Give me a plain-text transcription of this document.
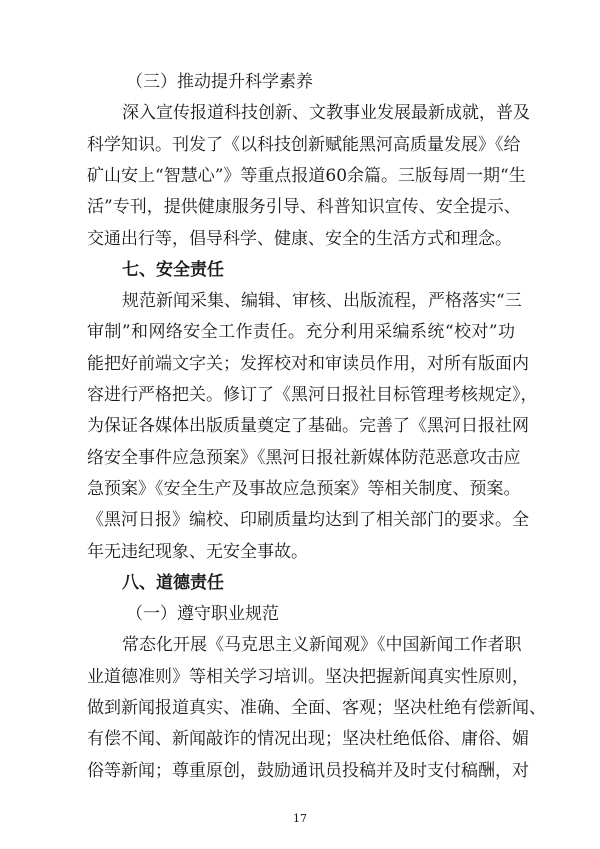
（三）推动提升科学素养
深入宣传报道科技创新、文教事业发展最新成就，普及
科学知识。刊发了《以科技创新赋能黑河高质量发展》《给
矿山安上“智慧心”》等重点报道60余篇。三版每周一期“生
活”专刊，提供健康服务引导、科普知识宣传、安全提示、
交通出行等，倡导科学、健康、安全的生活方式和理念。
七、安全责任
规范新闻采集、编辑、审核、出版流程，严格落实“三
审制”和网络安全工作责任。充分利用采编系统“校对”功
能把好前端文字关；发挥校对和审读员作用，对所有版面内
容进行严格把关。修订了《黑河日报社目标管理考核规定》，
为保证各媒体出版质量奠定了基础。完善了《黑河日报社网
络安全事件应急预案》《黑河日报社新媒体防范恶意攻击应
急预案》《安全生产及事故应急预案》等相关制度、预案。
《黑河日报》编校、印刷质量均达到了相关部门的要求。全
年无违纪现象、无安全事故。
八、道德责任
（一）遵守职业规范
常态化开展《马克思主义新闻观》《中国新闻工作者职
业道德准则》等相关学习培训。坚决把握新闻真实性原则，
做到新闻报道真实、准确、全面、客观；坚决杜绝有偿新闻、
有偿不闻、新闻敲诈的情况出现；坚决杜绝低俗、庸俗、媚
俗等新闻；尊重原创，鼓励通讯员投稿并及时支付稿酬，对
17
